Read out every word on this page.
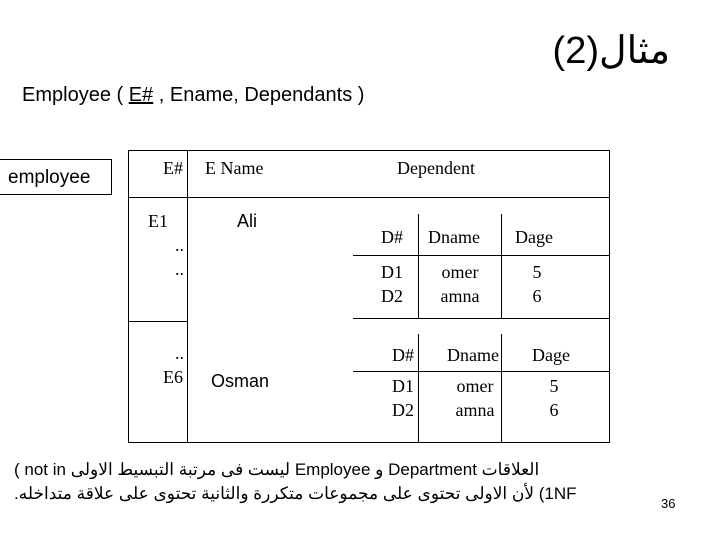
مثال(2)
Employee ( E# , Ename, Dependants )
employee	E# E Name	Dependent
E1
..
..
Ali
D# Dname Dage
D1
D2
omer
amna
5
6
..
E6 Osman
D# Dname Dage
D1
D2
omer
amna
5
6
العلاقات Department و Employee ليست فى مرتبة التبسيط الاولى not in )
1NF) لأن الاولى تحتوى على مجموعات متكررة والثانية تحتوى على علاقة متداخله.
36
